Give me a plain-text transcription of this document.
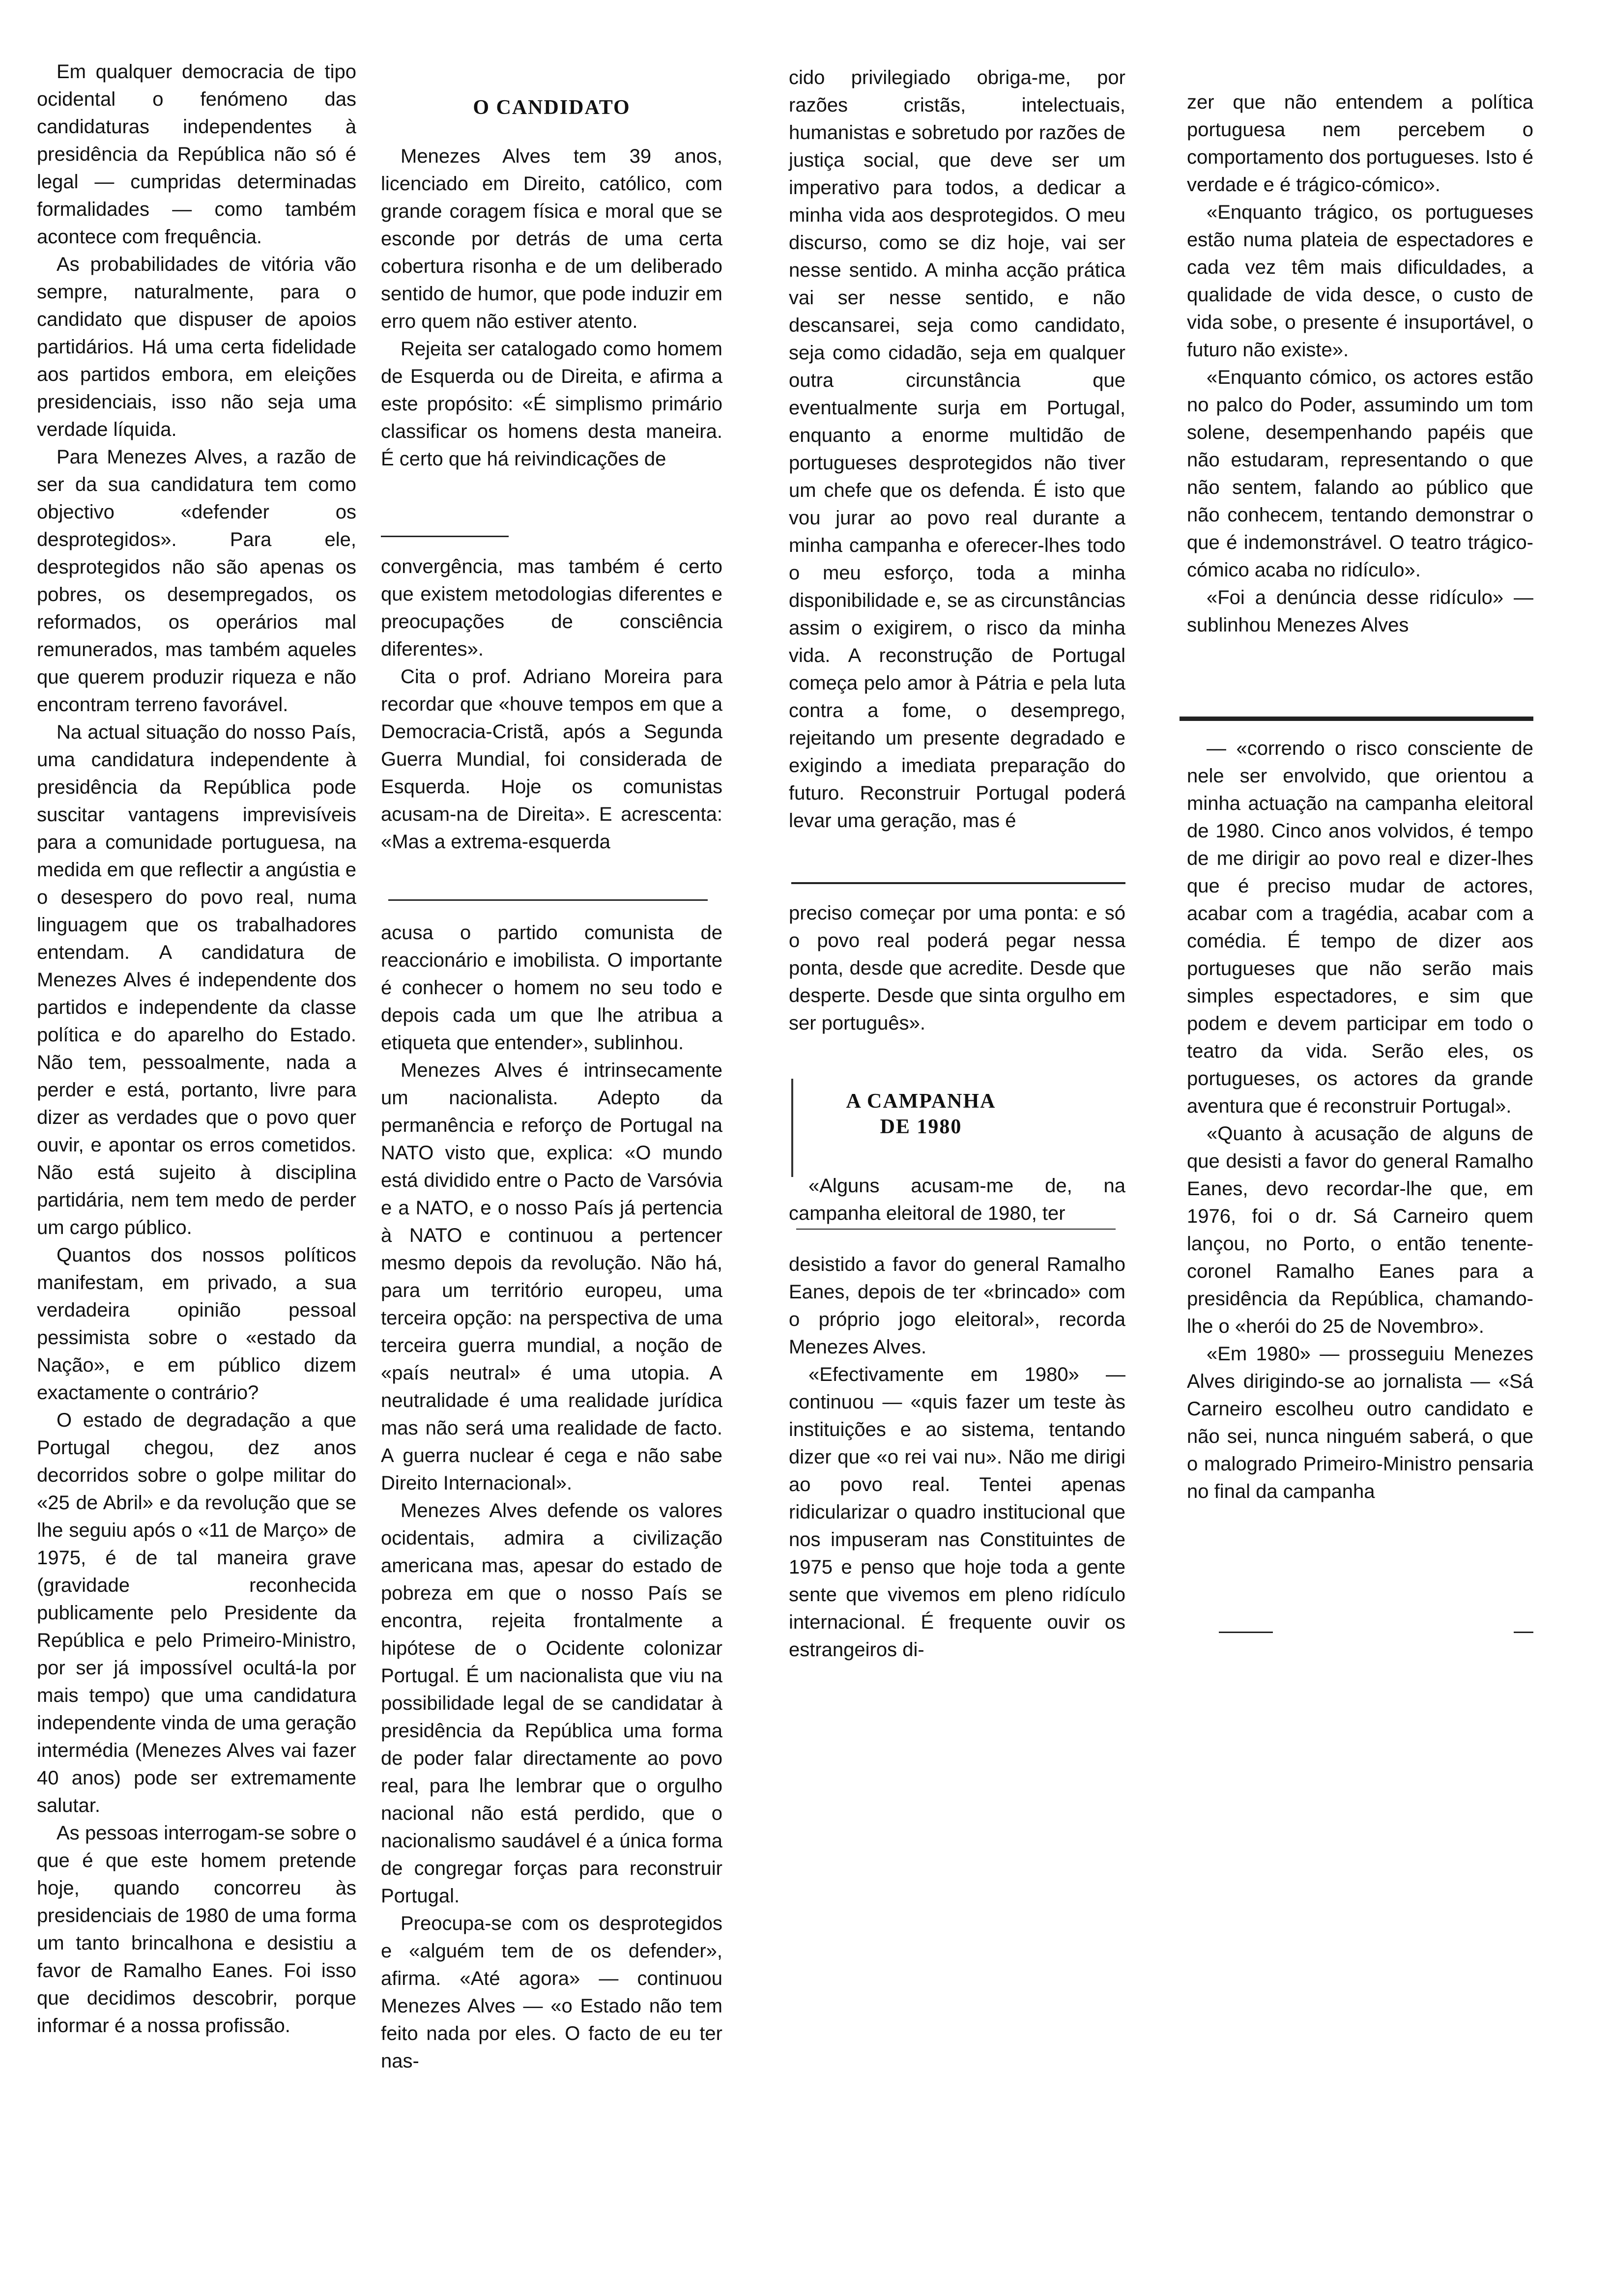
Em qualquer democracia de tipo ocidental o fenómeno das candidaturas independentes à presidência da República não só é legal — cumpridas determinadas formalidades — como também acontece com frequência.

As probabilidades de vitória vão sempre, naturalmente, para o candidato que dispuser de apoios partidários. Há uma certa fidelidade aos partidos embora, em eleições presidenciais, isso não seja uma verdade líquida.

Para Menezes Alves, a razão de ser da sua candidatura tem como objectivo «defender os desprotegidos». Para ele, desprotegidos não são apenas os pobres, os desempregados, os reformados, os operários mal remunerados, mas também aqueles que querem produzir riqueza e não encontram terreno favorável.

Na actual situação do nosso País, uma candidatura independente à presidência da República pode suscitar vantagens imprevisíveis para a comunidade portuguesa, na medida em que reflectir a angústia e o desespero do povo real, numa linguagem que os trabalhadores entendam. A candidatura de Menezes Alves é independente dos partidos e independente da classe política e do aparelho do Estado. Não tem, pessoalmente, nada a perder e está, portanto, livre para dizer as verdades que o povo quer ouvir, e apontar os erros cometidos. Não está sujeito à disciplina partidária, nem tem medo de perder um cargo público.

Quantos dos nossos políticos manifestam, em privado, a sua verdadeira opinião pessoal pessimista sobre o «estado da Nação», e em público dizem exactamente o contrário?

O estado de degradação a que Portugal chegou, dez anos decorridos sobre o golpe militar do «25 de Abril» e da revolução que se lhe seguiu após o «11 de Março» de 1975, é de tal maneira grave (gravidade reconhecida publicamente pelo Presidente da República e pelo Primeiro-Ministro, por ser já impossível ocultá-la por mais tempo) que uma candidatura independente vinda de uma geração intermédia (Menezes Alves vai fazer 40 anos) pode ser extremamente salutar.

As pessoas interrogam-se sobre o que é que este homem pretende hoje, quando concorreu às presidenciais de 1980 de uma forma um tanto brincalhona e desistiu a favor de Ramalho Eanes. Foi isso que decidimos descobrir, porque informar é a nossa profissão.

O CANDIDATO

Menezes Alves tem 39 anos, licenciado em Direito, católico, com grande coragem física e moral que se esconde por detrás de uma certa cobertura risonha e de um deliberado sentido de humor, que pode induzir em erro quem não estiver atento.

Rejeita ser catalogado como homem de Esquerda ou de Direita, e afirma a este propósito: «É simplismo primário classificar os homens desta maneira. É certo que há reivindicações de

convergência, mas também é certo que existem metodologias diferentes e preocupações de consciência diferentes».

Cita o prof. Adriano Moreira para recordar que «houve tempos em que a Democracia-Cristã, após a Segunda Guerra Mundial, foi considerada de Esquerda. Hoje os comunistas acusam-na de Direita». E acrescenta: «Mas a extrema-esquerda

acusa o partido comunista de reaccionário e imobilista. O importante é conhecer o homem no seu todo e depois cada um que lhe atribua a etiqueta que entender», sublinhou.

Menezes Alves é intrinsecamente um nacionalista. Adepto da permanência e reforço de Portugal na NATO visto que, explica: «O mundo está dividido entre o Pacto de Varsóvia e a NATO, e o nosso País já pertencia à NATO e continuou a pertencer mesmo depois da revolução. Não há, para um território europeu, uma terceira opção: na perspectiva de uma terceira guerra mundial, a noção de «país neutral» é uma utopia. A neutralidade é uma realidade jurídica mas não será uma realidade de facto. A guerra nuclear é cega e não sabe Direito Internacional».

Menezes Alves defende os valores ocidentais, admira a civilização americana mas, apesar do estado de pobreza em que o nosso País se encontra, rejeita frontalmente a hipótese de o Ocidente colonizar Portugal. É um nacionalista que viu na possibilidade legal de se candidatar à presidência da República uma forma de poder falar directamente ao povo real, para lhe lembrar que o orgulho nacional não está perdido, que o nacionalismo saudável é a única forma de congregar forças para reconstruir Portugal.

Preocupa-se com os desprotegidos e «alguém tem de os defender», afirma. «Até agora» — continuou Menezes Alves — «o Estado não tem feito nada por eles. O facto de eu ter nas-

cido privilegiado obriga-me, por razões cristãs, intelectuais, humanistas e sobretudo por razões de justiça social, que deve ser um imperativo para todos, a dedicar a minha vida aos desprotegidos. O meu discurso, como se diz hoje, vai ser nesse sentido. A minha acção prática vai ser nesse sentido, e não descansarei, seja como candidato, seja como cidadão, seja em qualquer outra circunstância que eventualmente surja em Portugal, enquanto a enorme multidão de portugueses desprotegidos não tiver um chefe que os defenda. É isto que vou jurar ao povo real durante a minha campanha e oferecer-lhes todo o meu esforço, toda a minha disponibilidade e, se as circunstâncias assim o exigirem, o risco da minha vida. A reconstrução de Portugal começa pelo amor à Pátria e pela luta contra a fome, o desemprego, rejeitando um presente degradado e exigindo a imediata preparação do futuro. Reconstruir Portugal poderá levar uma geração, mas é

preciso começar por uma ponta: e só o povo real poderá pegar nessa ponta, desde que acredite. Desde que desperte. Desde que sinta orgulho em ser português».

A CAMPANHA
DE 1980

«Alguns acusam-me de, na campanha eleitoral de 1980, ter

desistido a favor do general Ramalho Eanes, depois de ter «brincado» com o próprio jogo eleitoral», recorda Menezes Alves.

«Efectivamente em 1980» — continuou — «quis fazer um teste às instituições e ao sistema, tentando dizer que «o rei vai nu». Não me dirigi ao povo real. Tentei apenas ridicularizar o quadro institucional que nos impuseram nas Constituintes de 1975 e penso que hoje toda a gente sente que vivemos em pleno ridículo internacional. É frequente ouvir os estrangeiros di-

zer que não entendem a política portuguesa nem percebem o comportamento dos portugueses. Isto é verdade e é trágico-cómico».

«Enquanto trágico, os portugueses estão numa plateia de espectadores e cada vez têm mais dificuldades, a qualidade de vida desce, o custo de vida sobe, o presente é insuportável, o futuro não existe».

«Enquanto cómico, os actores estão no palco do Poder, assumindo um tom solene, desempenhando papéis que não estudaram, representando o que não sentem, falando ao público que não conhecem, tentando demonstrar o que é indemonstrável. O teatro trágico-cómico acaba no ridículo».

«Foi a denúncia desse ridículo» — sublinhou Menezes Alves

— «correndo o risco consciente de nele ser envolvido, que orientou a minha actuação na campanha eleitoral de 1980. Cinco anos volvidos, é tempo de me dirigir ao povo real e dizer-lhes que é preciso mudar de actores, acabar com a tragédia, acabar com a comédia. É tempo de dizer aos portugueses que não serão mais simples espectadores, e sim que podem e devem participar em todo o teatro da vida. Serão eles, os portugueses, os actores da grande aventura que é reconstruir Portugal».

«Quanto à acusação de alguns de que desisti a favor do general Ramalho Eanes, devo recordar-lhe que, em 1976, foi o dr. Sá Carneiro quem lançou, no Porto, o então tenente-coronel Ramalho Eanes para a presidência da República, chamando-lhe o «herói do 25 de Novembro».

«Em 1980» — prosseguiu Menezes Alves dirigindo-se ao jornalista — «Sá Carneiro escolheu outro candidato e não sei, nunca ninguém saberá, o que o malogrado Primeiro-Ministro pensaria no final da campanha
